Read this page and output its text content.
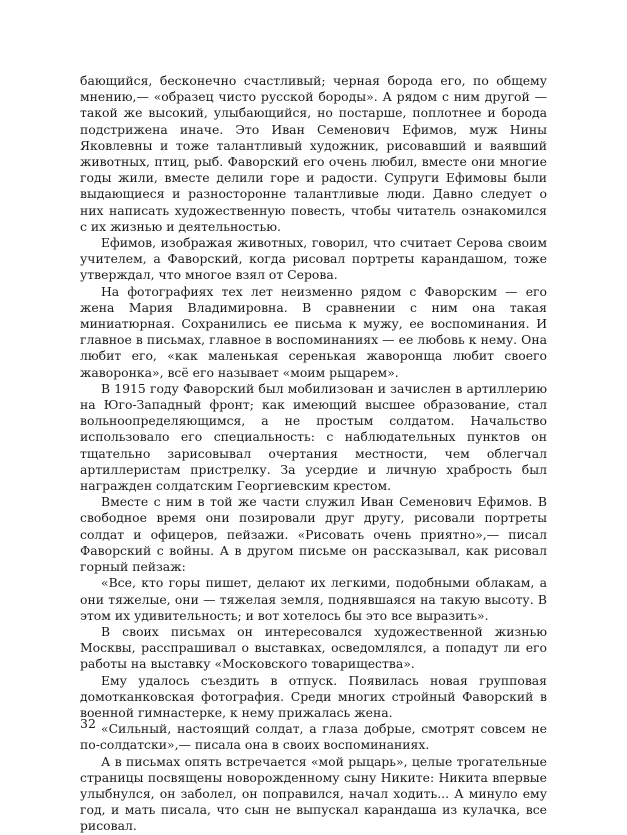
бающийся, бесконечно счастливый; черная борода его, по общему мнению,— «образец чисто русской бороды». А рядом с ним другой — такой же высокий, улыбающийся, но постарше, поплотнее и борода подстрижена иначе. Это Иван Семенович Ефимов, муж Нины Яковлевны и тоже талантливый художник, рисовавший и ваявший животных, птиц, рыб. Фаворский его очень любил, вместе они многие годы жили, вместе делили горе и радости. Супруги Ефимовы были выдающиеся и разносторонне талантливые люди. Давно следует о них написать художественную повесть, чтобы читатель ознакомился с их жизнью и деятельностью.

Ефимов, изображая животных, говорил, что считает Серова своим учителем, а Фаворский, когда рисовал портреты карандашом, тоже утверждал, что многое взял от Серова.

На фотографиях тех лет неизменно рядом с Фаворским — его жена Мария Владимировна. В сравнении с ним она такая миниатюрная. Сохранились ее письма к мужу, ее воспоминания. И главное в письмах, главное в воспоминаниях — ее любовь к нему. Она любит его, «как маленькая серенькая жаворонща любит своего жаворонка», всё его называет «моим рыцарем».

В 1915 году Фаворский был мобилизован и зачислен в артиллерию на Юго-Западный фронт; как имеющий высшее образование, стал вольноопределяющимся, а не простым солдатом. Начальство использовало его специальность: с наблюдательных пунктов он тщательно зарисовывал очертания местности, чем облегчал артиллеристам пристрелку. За усердие и личную храбрость был награжден солдатским Георгиевским крестом.

Вместе с ним в той же части служил Иван Семенович Ефимов. В свободное время они позировали друг другу, рисовали портреты солдат и офицеров, пейзажи. «Рисовать очень приятно»,— писал Фаворский с войны. А в другом письме он рассказывал, как рисовал горный пейзаж:

«Все, кто горы пишет, делают их легкими, подобными облакам, а они тяжелые, они — тяжелая земля, поднявшаяся на такую высоту. В этом их удивительность; и вот хотелось бы это все выразить».

В своих письмах он интересовался художественной жизнью Москвы, расспрашивал о выставках, осведомлялся, а попадут ли его работы на выставку «Московского товарищества».

Ему удалось съездить в отпуск. Появилась новая групповая домотканковская фотография. Среди многих стройный Фаворский в военной гимнастерке, к нему прижалась жена.

«Сильный, настоящий солдат, а глаза добрые, смотрят совсем не по-солдатски»,— писала она в своих воспоминаниях.

А в письмах опять встречается «мой рыцарь», целые трогательные страницы посвящены новорожденному сыну Никите: Никита впервые улыбнулся, он заболел, он поправился, начал ходить... А минуло ему год, и мать писала, что сын не выпускал карандаша из кулачка, все рисовал.

32
